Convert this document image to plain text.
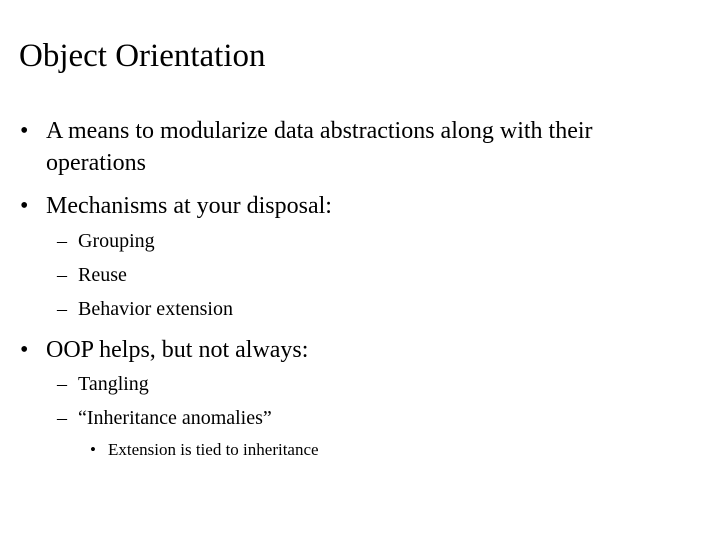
Object Orientation
• A means to modularize data abstractions along with their
operations
• Mechanisms at your disposal:
– Grouping
– Reuse
– Behavior extension
• OOP helps, but not always:
– Tangling
– “Inheritance anomalies”
• Extension is tied to inheritance
